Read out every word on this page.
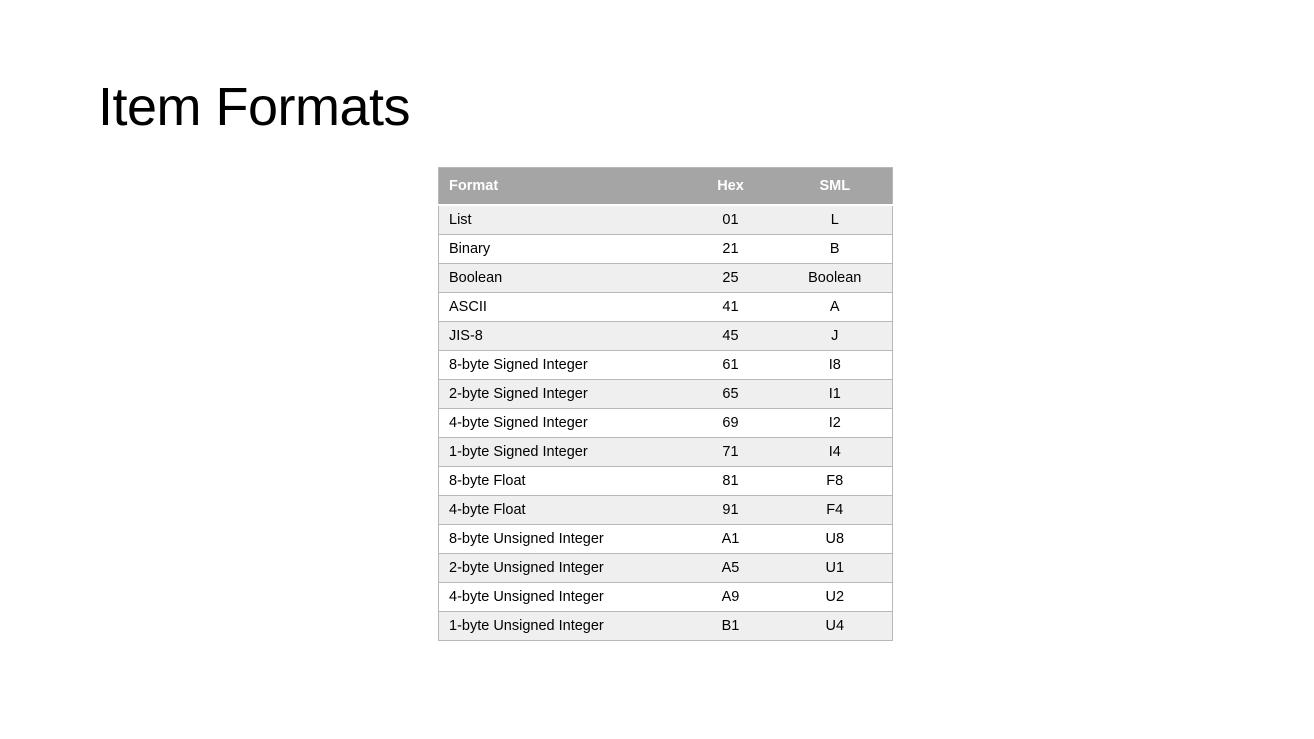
Item Formats
Format	Hex	SML
List	01	L
Binary	21	B
Boolean	25	Boolean
ASCII	41	A
JIS-8	45	J
8-byte Signed Integer	61	I8
2-byte Signed Integer	65	I1
4-byte Signed Integer	69	I2
1-byte Signed Integer	71	I4
8-byte Float	81	F8
4-byte Float	91	F4
8-byte Unsigned Integer	A1	U8
2-byte Unsigned Integer	A5	U1
4-byte Unsigned Integer	A9	U2
1-byte Unsigned Integer	B1	U4
